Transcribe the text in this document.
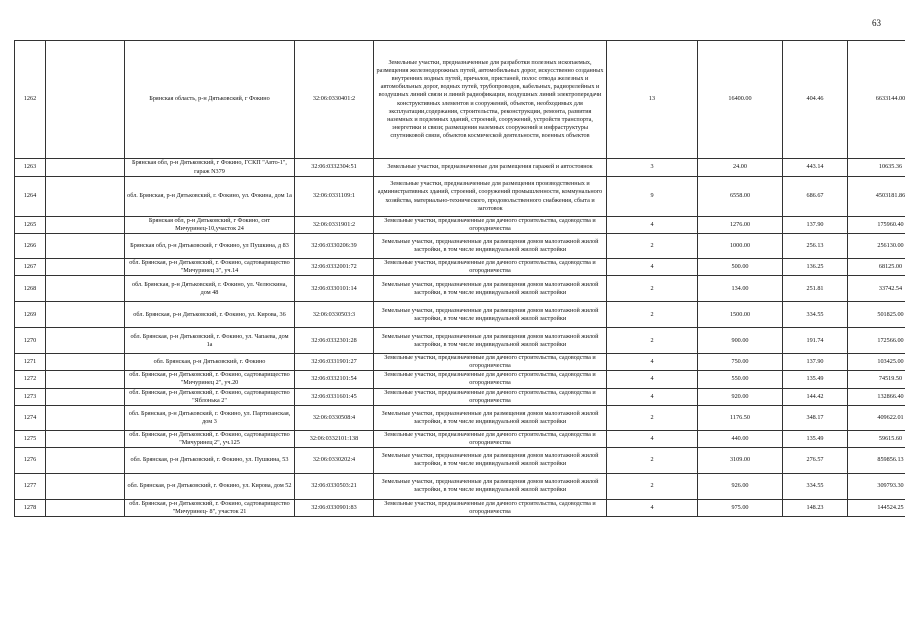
63
1262		Брянская область, р-н Дятьковский, г Фокино	32:06:0330401:2	Земельные участки, предназначенные для разработки полезных ископаемых, размещения железнодорожных путей, автомобильных дорог, искусственно созданных внутренних водных путей, причалов, пристаней, полос отвода железных и автомобильных дорог, водных путей, трубопроводов, кабельных, радиорелейных и воздушных линий связи и линий радиофикации, воздушных линий электропередачи конструктивных элементов и сооружений, объектов, необходимых для эксплуатации,содержания, строительства, реконструкции, ремонта, развития наземных и подземных зданий, строений, сооружений, устройств транспорта, энергетики и связи; размещения наземных сооружений и инфраструктуры спутниковой связи, объектов космической деятельности, военных объектов	13	16400.00	404.46	6633144.00
1263		Брянская обл, р-н Дятьковский, г Фокино, ГСКП "Авто-1", гараж N379	32:06:0332304:51	Земельные участки, предназначенные для размещения гаражей и автостоянок	3	24.00	443.14	10635.36
1264		обл. Брянская, р-н Дятьковский, г. Фокино, ул. Фокина, дом 1а	32:06:0331109:1	Земельные участки, предназначенные для размещения производственных и административных зданий, строений, сооружений промышленности, коммунального хозяйства, материально-технического, продовольственного снабжения, сбыта и заготовок	9	6558.00	686.67	4503181.86
1265		Брянская обл, р-н Дятьковский, г Фокино, снт Мичуринец-10,участок 24	32:06:0331901:2	Земельные участки, предназначенные для дачного строительства, садоводства и огородничества	4	1276.00	137.90	175960.40
1266		Брянская обл, р-н Дятьковский, г Фокино, ул Пушкина, д 83	32:06:0330206:39	Земельные участки, предназначенные для размещения домов малоэтажной жилой застройки, в том числе индивидуальной жилой застройки	2	1000.00	256.13	256130.00
1267		обл. Брянская, р-н Дятьковский, г. Фокино, садтоварищество "Мичуринец 3", уч.14	32:06:0332001:72	Земельные участки, предназначенные для дачного строительства, садоводства и огородничества	4	500.00	136.25	68125.00
1268		обл. Брянская, р-н Дятьковский, г. Фокино, ул. Челюскина, дом 48	32:06:0330101:14	Земельные участки, предназначенные для размещения домов малоэтажной жилой застройки, в том числе индивидуальной жилой застройки	2	134.00	251.81	33742.54
1269		обл. Брянская, р-н Дятьковский, г. Фокино, ул. Кирова, 36	32:06:0330503:3	Земельные участки, предназначенные для размещения домов малоэтажной жилой застройки, в том числе индивидуальной жилой застройки	2	1500.00	334.55	501825.00
1270		обл. Брянская, р-н Дятьковский, г. Фокино, ул. Чапаева, дом 1а	32:06:0332301:28	Земельные участки, предназначенные для размещения домов малоэтажной жилой застройки, в том числе индивидуальной жилой застройки	2	900.00	191.74	172566.00
1271		обл. Брянская, р-н Дятьковский, г. Фокино	32:06:0331901:27	Земельные участки, предназначенные для дачного строительства, садоводства и огородничества	4	750.00	137.90	103425.00
1272		обл. Брянская, р-н Дятьковский, г. Фокино, садтоварищество "Мичуринец 2", уч.20	32:06:0332101:54	Земельные участки, предназначенные для дачного строительства, садоводства и огородничества	4	550.00	135.49	74519.50
1273		обл. Брянская, р-н Дятьковский, г. Фокино, садтоварищество "Яблонька 2"	32:06:0331601:45	Земельные участки, предназначенные для дачного строительства, садоводства и огородничества	4	920.00	144.42	132866.40
1274		обл. Брянская, р-н Дятьковский, г. Фокино, ул. Партизанская, дом 3	32:06:0330508:4	Земельные участки, предназначенные для размещения домов малоэтажной жилой застройки, в том числе индивидуальной жилой застройки	2	1176.50	348.17	409622.01
1275		обл. Брянская, р-н Дятьковский, г. Фокино, садтоварищество "Мичуринец 2", уч.125	32:06:0332101:138	Земельные участки, предназначенные для дачного строительства, садоводства и огородничества	4	440.00	135.49	59615.60
1276		обл. Брянская, р-н Дятьковский, г. Фокино, ул. Пушкина, 53	32:06:0330202:4	Земельные участки, предназначенные для размещения домов малоэтажной жилой застройки, в том числе индивидуальной жилой застройки	2	3109.00	276.57	859856.13
1277		обл. Брянская, р-н Дятьковский, г. Фокино, ул. Кирова, дом 52	32:06:0330503:21	Земельные участки, предназначенные для размещения домов малоэтажной жилой застройки, в том числе индивидуальной жилой застройки	2	926.00	334.55	309793.30
1278		обл. Брянская, р-н Дятьковский, г. Фокино, садтоварищество "Мичуринец- 8", участок 21	32:06:0330901:83	Земельные участки, предназначенные для дачного строительства, садоводства и огородничества	4	975.00	148.23	144524.25
